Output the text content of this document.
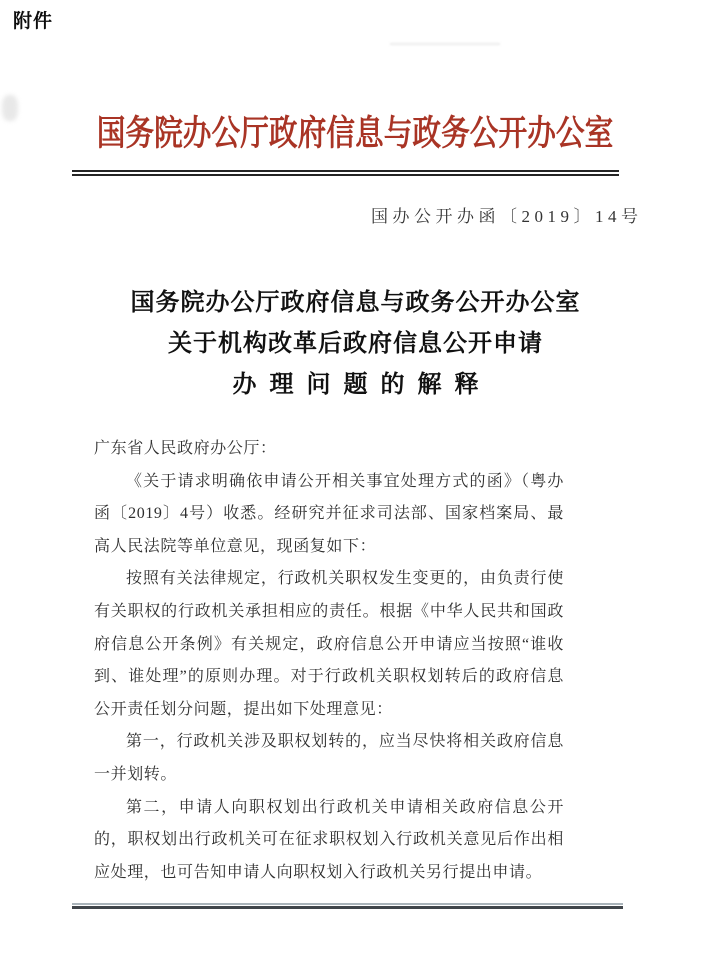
附件
国务院办公厅政府信息与政务公开办公室
国办公开办函〔2019〕14号
国务院办公厅政府信息与政务公开办公室
关于机构改革后政府信息公开申请
办理问题的解释

广东省人民政府办公厅：

《关于请求明确依申请公开相关事宜处理方式的函》（粤办函〔2019〕4号）收悉。经研究并征求司法部、国家档案局、最高人民法院等单位意见，现函复如下：

按照有关法律规定，行政机关职权发生变更的，由负责行使有关职权的行政机关承担相应的责任。根据《中华人民共和国政府信息公开条例》有关规定，政府信息公开申请应当按照“谁收到、谁处理”的原则办理。对于行政机关职权划转后的政府信息公开责任划分问题，提出如下处理意见：

第一，行政机关涉及职权划转的，应当尽快将相关政府信息一并划转。

第二，申请人向职权划出行政机关申请相关政府信息公开的，职权划出行政机关可在征求职权划入行政机关意见后作出相应处理，也可告知申请人向职权划入行政机关另行提出申请。
